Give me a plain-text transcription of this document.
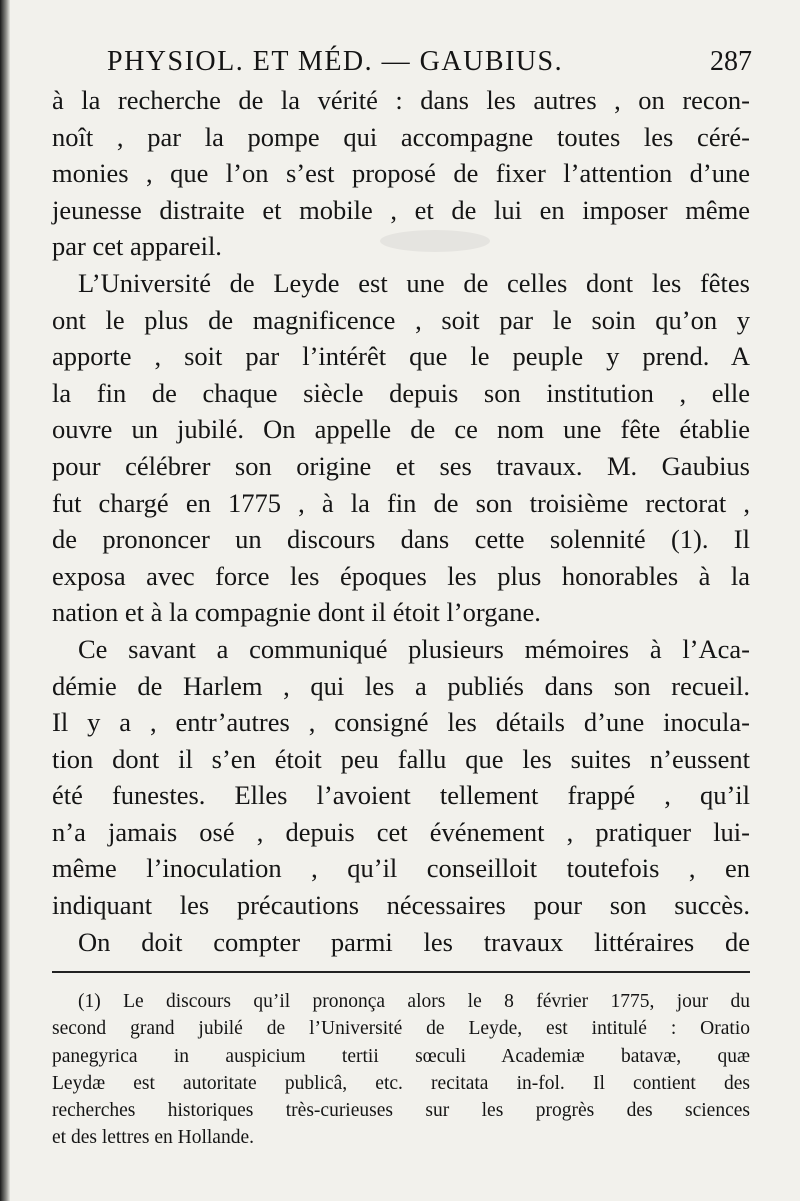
PHYSIOL. ET MÉD. — GAUBIUS.	287
à la recherche de la vérité : dans les autres , on recon-
noît , par la pompe qui accompagne toutes les céré-
monies , que l’on s’est proposé de fixer l’attention d’une
jeunesse distraite et mobile , et de lui en imposer même
par cet appareil.
L’Université de Leyde est une de celles dont les fêtes
ont le plus de magnificence , soit par le soin qu’on y
apporte , soit par l’intérêt que le peuple y prend. A
la fin de chaque siècle depuis son institution , elle
ouvre un jubilé. On appelle de ce nom une fête établie
pour célébrer son origine et ses travaux. M. Gaubius
fut chargé en 1775 , à la fin de son troisième rectorat ,
de prononcer un discours dans cette solennité (1). Il
exposa avec force les époques les plus honorables à la
nation et à la compagnie dont il étoit l’organe.
Ce savant a communiqué plusieurs mémoires à l’Aca-
démie de Harlem , qui les a publiés dans son recueil.
Il y a , entr’autres , consigné les détails d’une inocula-
tion dont il s’en étoit peu fallu que les suites n’eussent
été funestes. Elles l’avoient tellement frappé , qu’il
n’a jamais osé , depuis cet événement , pratiquer lui-
même l’inoculation , qu’il conseilloit toutefois , en
indiquant les précautions nécessaires pour son succès.
On doit compter parmi les travaux littéraires de
(1) Le discours qu’il prononça alors le 8 février 1775, jour du
second grand jubilé de l’Université de Leyde, est intitulé : Oratio
panegyrica in auspicium tertii sœculi Academiæ batavæ, quæ
Leydæ est autoritate publicâ, etc. recitata in-fol. Il contient des
recherches historiques très-curieuses sur les progrès des sciences
et des lettres en Hollande.
